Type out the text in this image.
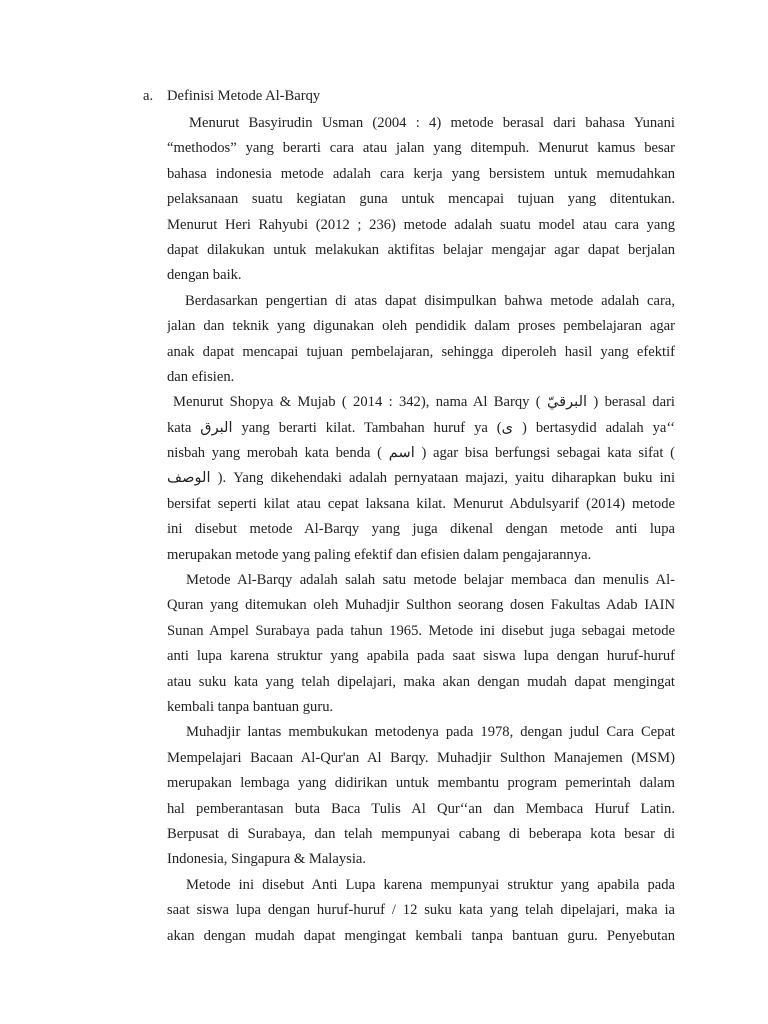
a. Definisi Metode Al-Barqy

Menurut Basyirudin Usman (2004 : 4) metode berasal dari bahasa Yunani
“methodos” yang berarti cara atau jalan yang ditempuh. Menurut kamus besar
bahasa indonesia metode adalah cara kerja yang bersistem untuk memudahkan
pelaksanaan suatu kegiatan guna untuk mencapai tujuan yang ditentukan.
Menurut Heri Rahyubi (2012 ; 236) metode adalah suatu model atau cara yang
dapat dilakukan untuk melakukan aktifitas belajar mengajar agar dapat berjalan
dengan baik.

Berdasarkan pengertian di atas dapat disimpulkan bahwa metode adalah cara,
jalan dan teknik yang digunakan oleh pendidik dalam proses pembelajaran agar
anak dapat mencapai tujuan pembelajaran, sehingga diperoleh hasil yang efektif
dan efisien.

Menurut Shopya & Mujab ( 2014 : 342), nama Al Barqy ( البرقيّ ) berasal dari
kata البرق yang berarti kilat. Tambahan huruf ya (ى ) bertasydid adalah ya‘‘
nisbah yang merobah kata benda ( اسم ) agar bisa berfungsi sebagai kata sifat (
الوصف ). Yang dikehendaki adalah pernyataan majazi, yaitu diharapkan buku ini
bersifat seperti kilat atau cepat laksana kilat. Menurut Abdulsyarif (2014) metode
ini disebut metode Al-Barqy yang juga dikenal dengan metode anti lupa
merupakan metode yang paling efektif dan efisien dalam pengajarannya.

Metode Al-Barqy adalah salah satu metode belajar membaca dan menulis Al-
Quran yang ditemukan oleh Muhadjir Sulthon seorang dosen Fakultas Adab IAIN
Sunan Ampel Surabaya pada tahun 1965. Metode ini disebut juga sebagai metode
anti lupa karena struktur yang apabila pada saat siswa lupa dengan huruf-huruf
atau suku kata yang telah dipelajari, maka akan dengan mudah dapat mengingat
kembali tanpa bantuan guru.

Muhadjir lantas membukukan metodenya pada 1978, dengan judul Cara Cepat
Mempelajari Bacaan Al-Qur'an Al Barqy. Muhadjir Sulthon Manajemen (MSM)
merupakan lembaga yang didirikan untuk membantu program pemerintah dalam
hal pemberantasan buta Baca Tulis Al Qur‘‘an dan Membaca Huruf Latin.
Berpusat di Surabaya, dan telah mempunyai cabang di beberapa kota besar di
Indonesia, Singapura & Malaysia.

Metode ini disebut Anti Lupa karena mempunyai struktur yang apabila pada
saat siswa lupa dengan huruf-huruf / 12 suku kata yang telah dipelajari, maka ia
akan dengan mudah dapat mengingat kembali tanpa bantuan guru. Penyebutan
